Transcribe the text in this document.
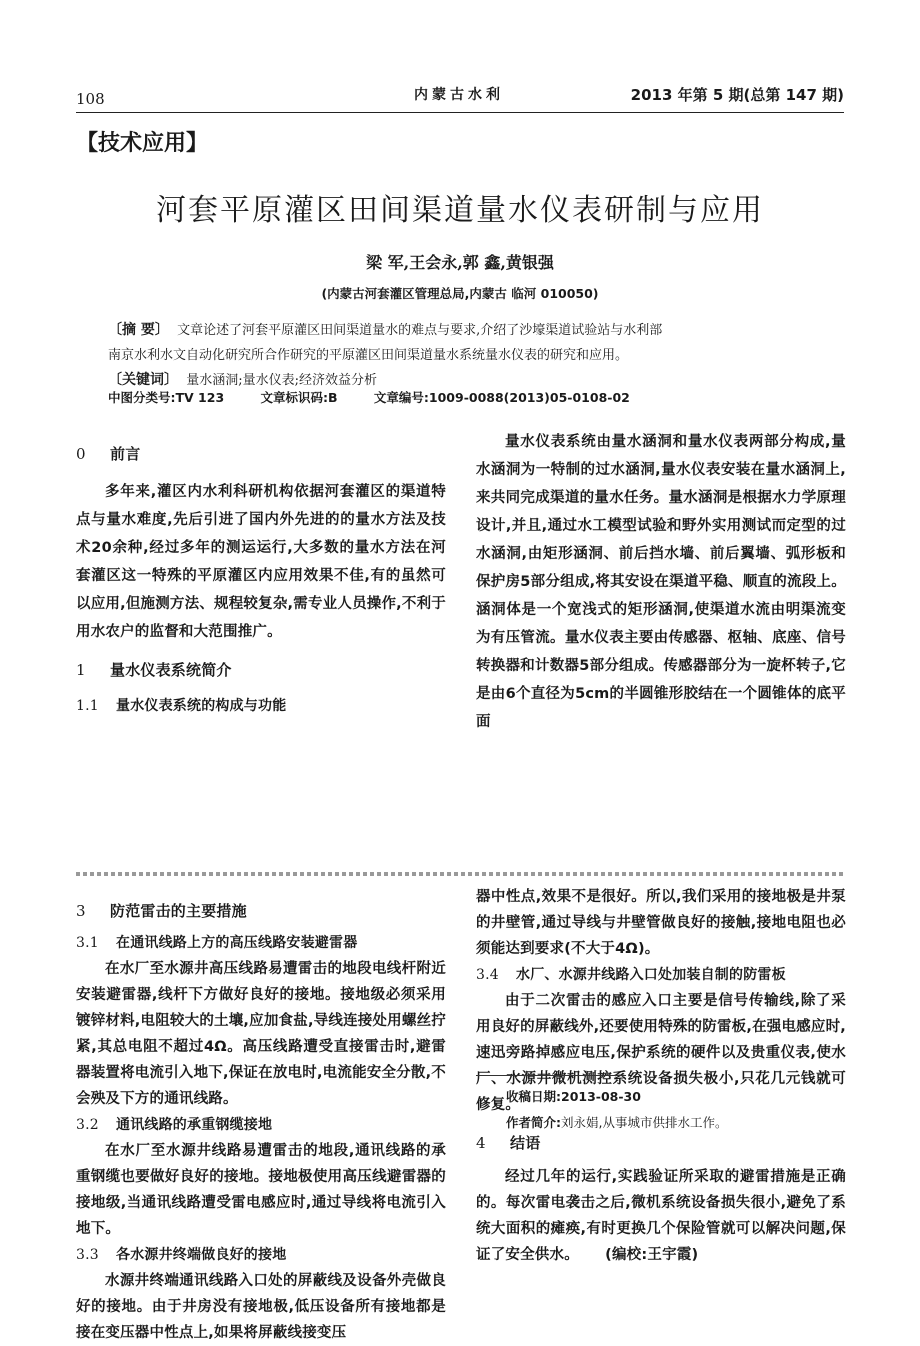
108	内蒙古水利	2013 年第 5 期(总第 147 期)
【技术应用】
河套平原灌区田间渠道量水仪表研制与应用
梁 军,王会永,郭 鑫,黄银强
(内蒙古河套灌区管理总局,内蒙古 临河 010050)

〔摘 要〕 文章论述了河套平原灌区田间渠道量水的难点与要求,介绍了沙壕渠道试验站与水利部

南京水利水文自动化研究所合作研究的平原灌区田间渠道量水系统量水仪表的研究和应用。

〔关键词〕 量水涵洞;量水仪表;经济效益分析

中图分类号:TV 123	文章标识码:B	文章编号:1009-0088(2013)05-0108-02
0 前言

多年来,灌区内水利科研机构依据河套灌区的渠道特点与量水难度,先后引进了国内外先进的的量水方法及技术20余种,经过多年的测运运行,大多数的量水方法在河套灌区这一特殊的平原灌区内应用效果不佳,有的虽然可以应用,但施测方法、规程较复杂,需专业人员操作,不利于用水农户的监督和大范围推广。

1 量水仪表系统简介
1.1 量水仪表系统的构成与功能

量水仪表系统由量水涵洞和量水仪表两部分构成,量水涵洞为一特制的过水涵洞,量水仪表安装在量水涵洞上,来共同完成渠道的量水任务。量水涵洞是根据水力学原理设计,并且,通过水工模型试验和野外实用测试而定型的过水涵洞,由矩形涵洞、前后挡水墙、前后翼墙、弧形板和保护房5部分组成,将其安设在渠道平稳、顺直的流段上。涵洞体是一个宽浅式的矩形涵洞,使渠道水流由明渠流变为有压管流。量水仪表主要由传感器、枢轴、底座、信号转换器和计数器5部分组成。传感器部分为一旋杯转子,它是由6个直径为5cm的半圆锥形胶结在一个圆锥体的底平面

3 防范雷击的主要措施
3.1 在通讯线路上方的高压线路安装避雷器

在水厂至水源井高压线路易遭雷击的地段电线杆附近安装避雷器,线杆下方做好良好的接地。接地级必须采用镀锌材料,电阻较大的土壤,应加食盐,导线连接处用螺丝拧紧,其总电阻不超过4Ω。高压线路遭受直接雷击时,避雷器装置将电流引入地下,保证在放电时,电流能安全分散,不会殃及下方的通讯线路。

3.2 通讯线路的承重钢缆接地

在水厂至水源井线路易遭雷击的地段,通讯线路的承重钢缆也要做好良好的接地。接地极使用高压线避雷器的接地级,当通讯线路遭受雷电感应时,通过导线将电流引入地下。

3.3 各水源井终端做良好的接地

水源井终端通讯线路入口处的屏蔽线及设备外壳做良好的接地。由于井房没有接地极,低压设备所有接地都是接在变压器中性点上,如果将屏蔽线接变压

器中性点,效果不是很好。所以,我们采用的接地极是井泵的井壁管,通过导线与井壁管做良好的接触,接地电阻也必须能达到要求(不大于4Ω)。

3.4 水厂、水源井线路入口处加装自制的防雷板

由于二次雷击的感应入口主要是信号传输线,除了采用良好的屏蔽线外,还要使用特殊的防雷板,在强电感应时,速迅旁路掉感应电压,保护系统的硬件以及贵重仪表,使水厂、水源井微机测控系统设备损失极小,只花几元钱就可修复。

4 结语

经过几年的运行,实践验证所采取的避雷措施是正确的。每次雷电袭击之后,微机系统设备损失很小,避免了系统大面积的瘫痪,有时更换几个保险管就可以解决问题,保证了安全供水。 (编校:王宇霞)

收稿日期:2013-08-30
作者简介:刘永娟,从事城市供排水工作。
